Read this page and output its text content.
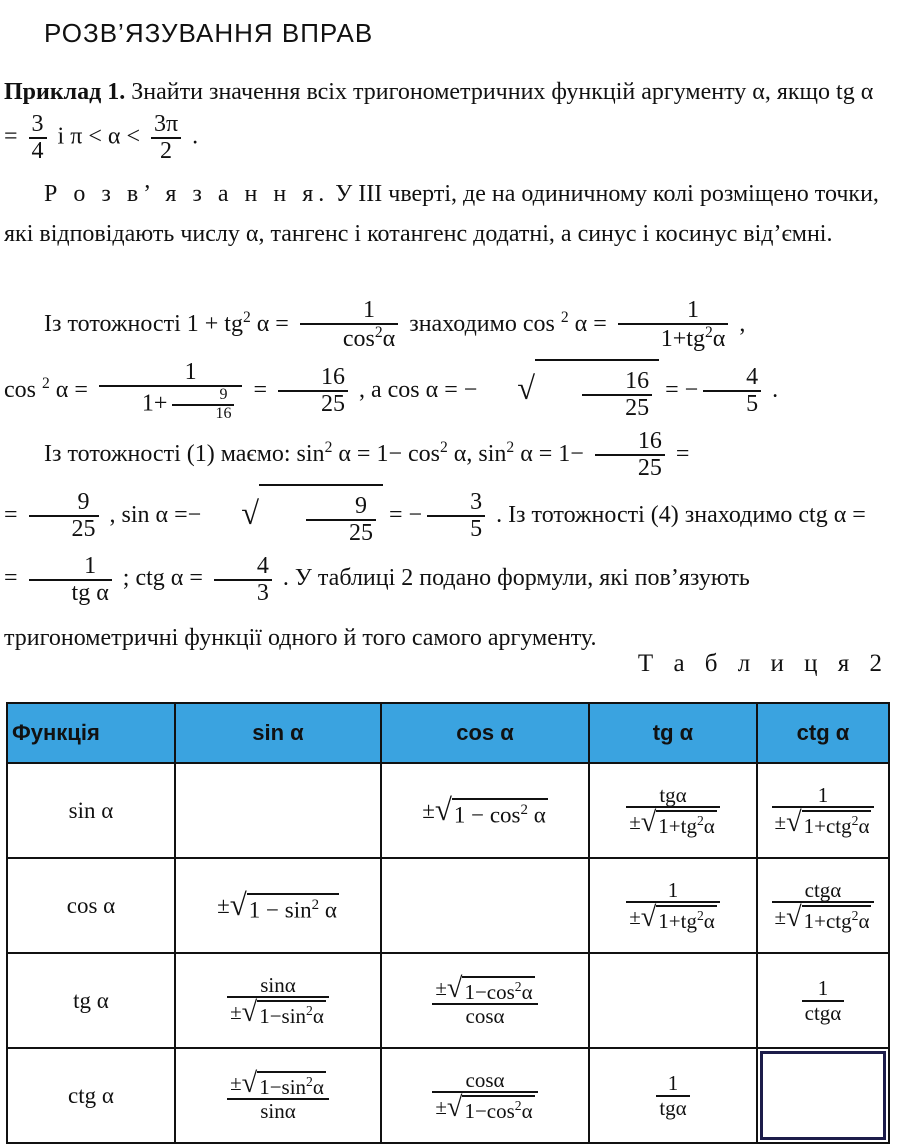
РОЗВ’ЯЗУВАННЯ ВПРАВ
Приклад 1. Знайти значення всіх тригонометричних функцій аргументу α, якщо tg $\alpha = \frac{3}{4}$ і $\pi < \alpha < \frac{3\pi}{2}$ .
Р о з в’ я з а н н я. У ІІІ чверті, де на одиничному колі розміщено точки, які відповідають числу α, тангенс і котангенс додатні, а синус і косинус від’ємні.
Із тотожності $1 + tg^2$ $\alpha = \frac{1}{\cos^2\alpha}$ знаходимо cos $^2$ $\alpha = \frac{1}{1+tg^2\alpha}$ ,
cos $^2$ $\alpha = \frac{1}{1+ \frac{9}{16}} = \frac{16}{25}$ , а cos α = − √ $\frac{16}{25}$ = − $\frac{4}{5}$ .
Із тотожності (1) маємо: $\sin^2 \alpha = 1- \cos^2 \alpha$, $\sin^2 \alpha = 1- \frac{16}{25}$ =
= $\frac{9}{25}$ , sin α =− √ $\frac{9}{25}$ = − $\frac{3}{5}$ . Із тотожності (4) знаходимо ctg α =
= $\frac{1}{\text{tg α}}$ ; ctg $\alpha = \frac{4}{3}$ . У таблиці 2 подано формули, які пов’язують тригонометричні функції одного й того самого аргументу.
Т а б л и ц я 2
Функція	sin α	cos α	tg α	ctg α
sin α		$\pm√1 - \cos^2 \alpha$	$\frac{\text{tgα}}{\pm√1+tg^2\alpha}$	$\frac{1}{\pm√1+ctg^2\alpha}$

cos α	$\pm√1 - \sin^2 \alpha$		$\frac{1}{\pm√1+tg^2\alpha}$	$\frac{\text{ctgα}}{\pm√1+ctg^2\alpha}$

tg α	$\frac{\sin\alpha}{\pm√1-\sin^2\alpha}$	$\frac{\pm√1-\cos^2\alpha}{\cos\alpha}$		$\frac{1}{\text{ctgα}}$

ctg α	$\frac{\pm√1-\sin^2\alpha}{\sin\alpha}$	$\frac{\cos\alpha}{\pm√1-\cos^2\alpha}$	$\frac{1}{\text{tgα}}$
